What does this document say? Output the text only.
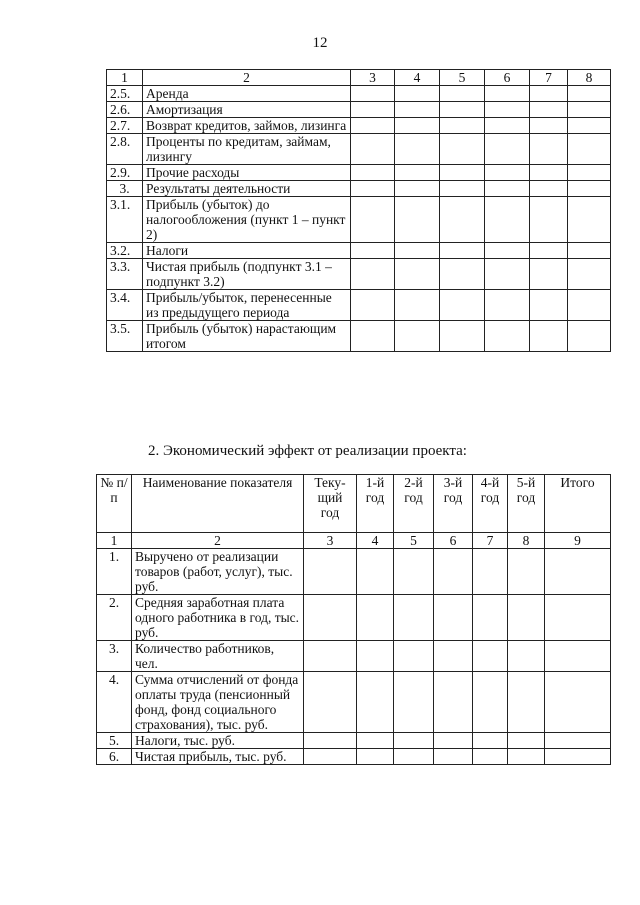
12
1	2	3	4	5	6	7	8
2.5.	Аренда						
2.6.	Амортизация						
2.7.	Возврат кредитов, займов, лизинга						
2.8.	Проценты по кредитам, займам, лизингу						
2.9.	Прочие расходы						
3.	Результаты деятельности						
3.1.	Прибыль (убыток) до налогообложения (пункт 1 – пункт 2)						
3.2.	Налоги						
3.3.	Чистая прибыль (подпункт 3.1 – подпункт 3.2)						
3.4.	Прибыль/убыток, перенесенные из предыдущего периода						
3.5.	Прибыль (убыток) нарастающим итогом						
2. Экономический эффект от реализации проекта:
№ п/п	Наименование показателя	Теку-щий год	1-й год	2-й год	3-й год	4-й год	5-й год	Итого
1	2	3	4	5	6	7	8	9
1.	Выручено от реализации товаров (работ, услуг), тыс. руб.							
2.	Средняя заработная плата одного работника в год, тыс. руб.							
3.	Количество работников, чел.							
4.	Сумма отчислений от фонда оплаты труда (пенсионный фонд, фонд социального страхования), тыс. руб.							
5.	Налоги, тыс. руб.							
6.	Чистая прибыль, тыс. руб.							
